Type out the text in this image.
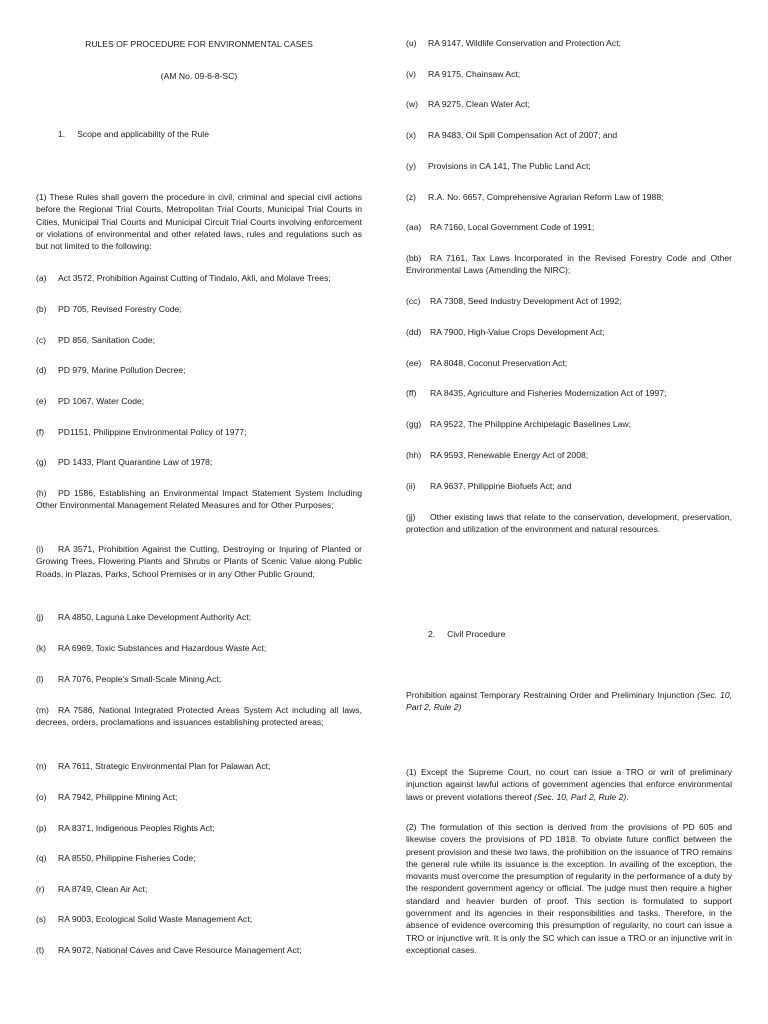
RULES OF PROCEDURE FOR ENVIRONMENTAL CASES

(AM No. 09-6-8-SC)

1. Scope and applicability of the Rule

(1) These Rules shall govern the procedure in civil, criminal and special civil actions before the Regional Trial Courts, Metropolitan Trial Courts, Municipal Trial Courts in Cities, Municipal Trial Courts and Municipal Circuit Trial Courts involving enforcement or violations of environmental and other related laws, rules and regulations such as but not limited to the following:

(a) Act 3572, Prohibition Against Cutting of Tindalo, Akli, and Molave Trees;

(b) PD 705, Revised Forestry Code;

(c) PD 856, Sanitation Code;

(d) PD 979, Marine Pollution Decree;

(e) PD 1067, Water Code;

(f) PD1151, Philippine Environmental Policy of 1977;

(g) PD 1433, Plant Quarantine Law of 1978;

(h) PD 1586, Establishing an Environmental Impact Statement System Including Other Environmental Management Related Measures and for Other Purposes;

(i) RA 3571, Prohibition Against the Cutting, Destroying or Injuring of Planted or Growing Trees, Flowering Plants and Shrubs or Plants of Scenic Value along Public Roads, in Plazas, Parks, School Premises or in any Other Public Ground;

(j) RA 4850, Laguna Lake Development Authority Act;

(k) RA 6969, Toxic Substances and Hazardous Waste Act;

(l) RA 7076, People’s Small-Scale Mining Act;

(m) RA 7586, National Integrated Protected Areas System Act including all laws, decrees, orders, proclamations and issuances establishing protected areas;

(n) RA 7611, Strategic Environmental Plan for Palawan Act;

(o) RA 7942, Philippine Mining Act;

(p) RA 8371, Indigenous Peoples Rights Act;

(q) RA 8550, Philippine Fisheries Code;

(r) RA 8749, Clean Air Act;

(s) RA 9003, Ecological Solid Waste Management Act;

(t) RA 9072, National Caves and Cave Resource Management Act;

(u) RA 9147, Wildlife Conservation and Protection Act;

(v) RA 9175, Chainsaw Act;

(w) RA 9275, Clean Water Act;

(x) RA 9483, Oil Spill Compensation Act of 2007; and

(y) Provisions in CA 141, The Public Land Act;

(z) R.A. No. 6657, Comprehensive Agrarian Reform Law of 1988;

(aa) RA 7160, Local Government Code of 1991;

(bb) RA 7161, Tax Laws Incorporated in the Revised Forestry Code and Other Environmental Laws (Amending the NIRC);

(cc) RA 7308, Seed Industry Development Act of 1992;

(dd) RA 7900, High-Value Crops Development Act;

(ee) RA 8048, Coconut Preservation Act;

(ff) RA 8435, Agriculture and Fisheries Modernization Act of 1997;

(gg) RA 9522, The Philippine Archipelagic Baselines Law;

(hh) RA 9593, Renewable Energy Act of 2008;

(ii) RA 9637, Philippine Biofuels Act; and

(jj) Other existing laws that relate to the conservation, development, preservation, protection and utilization of the environment and natural resources.

2. Civil Procedure

Prohibition against Temporary Restraining Order and Preliminary Injunction (Sec. 10, Part 2, Rule 2)

(1) Except the Supreme Court, no court can issue a TRO or writ of preliminary injunction against lawful actions of government agencies that enforce environmental laws or prevent violations thereof (Sec. 10, Part 2, Rule 2).

(2) The formulation of this section is derived from the provisions of PD 605 and likewise covers the provisions of PD 1818. To obviate future conflict between the present provision and these two laws, the prohibition on the issuance of TRO remains the general rule while its issuance is the exception. In availing of the exception, the movants must overcome the presumption of regularity in the performance of a duty by the respondent government agency or official. The judge must then require a higher standard and heavier burden of proof. This section is formulated to support government and its agencies in their responsibilities and tasks. Therefore, in the absence of evidence overcoming this presumption of regularity, no court can issue a TRO or injunctive writ. It is only the SC which can issue a TRO or an injunctive writ in exceptional cases.
